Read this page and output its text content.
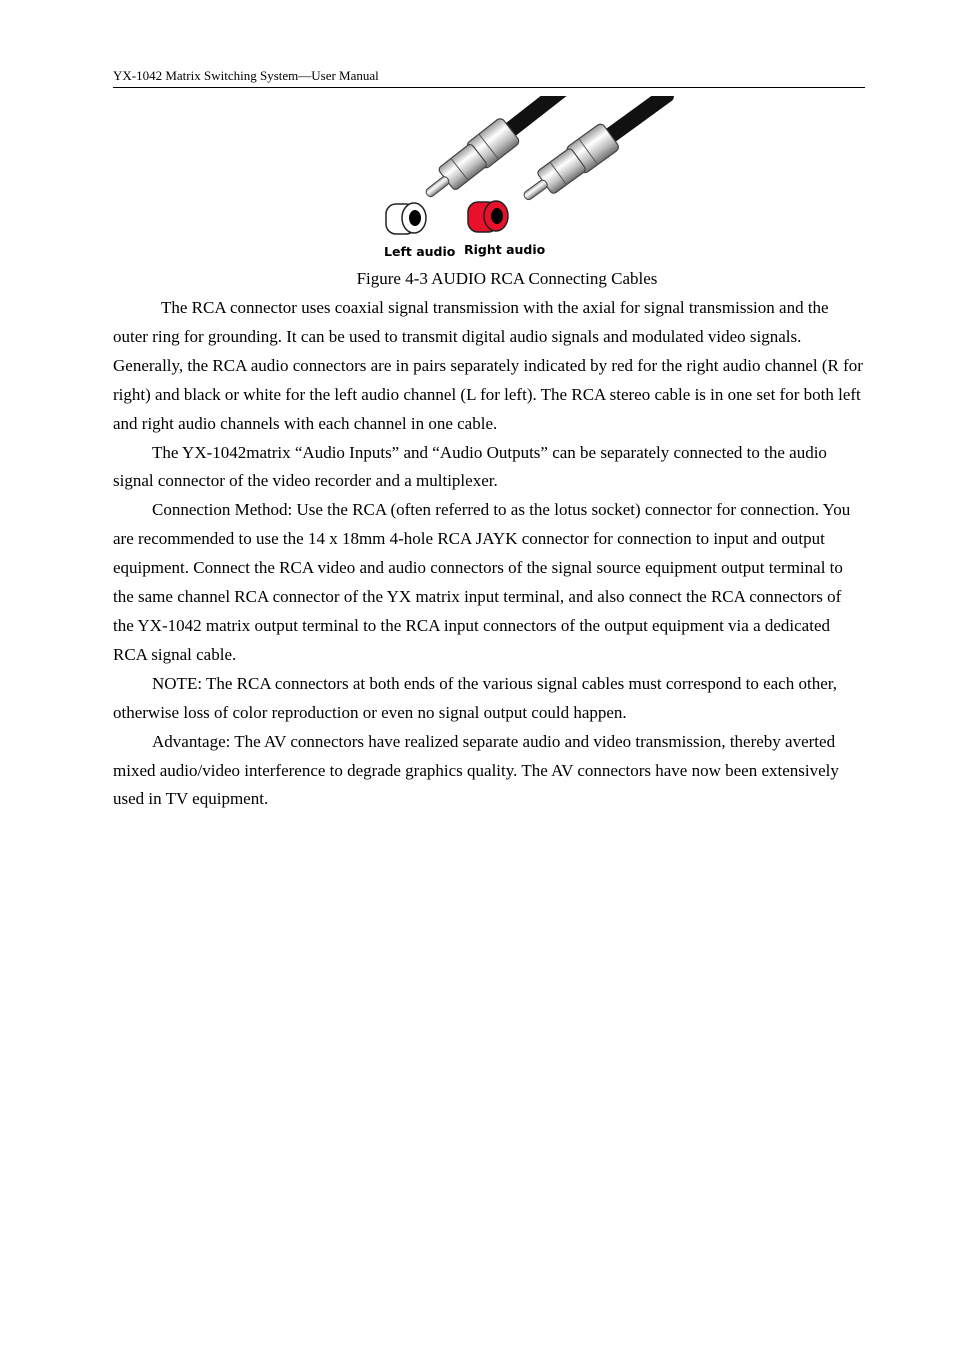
YX-1042 Matrix Switching System—User Manual
Left audio Right audio
Figure 4-3 AUDIO RCA Connecting Cables

The RCA connector uses coaxial signal transmission with the axial for signal transmission and the outer ring for grounding. It can be used to transmit digital audio signals and modulated video signals. Generally, the RCA audio connectors are in pairs separately indicated by red for the right audio channel (R for right) and black or white for the left audio channel (L for left). The RCA stereo cable is in one set for both left and right audio channels with each channel in one cable.

The YX-1042matrix “Audio Inputs” and “Audio Outputs” can be separately connected to the audio signal connector of the video recorder and a multiplexer.

Connection Method: Use the RCA (often referred to as the lotus socket) connector for connection. You are recommended to use the 14 x 18mm 4-hole RCA JAYK connector for connection to input and output equipment. Connect the RCA video and audio connectors of the signal source equipment output terminal to the same channel RCA connector of the YX matrix input terminal, and also connect the RCA connectors of the YX-1042 matrix output terminal to the RCA input connectors of the output equipment via a dedicated RCA signal cable.

NOTE: The RCA connectors at both ends of the various signal cables must correspond to each other, otherwise loss of color reproduction or even no signal output could happen.

Advantage: The AV connectors have realized separate audio and video transmission, thereby averted mixed audio/video interference to degrade graphics quality. The AV connectors have now been extensively used in TV equipment.
